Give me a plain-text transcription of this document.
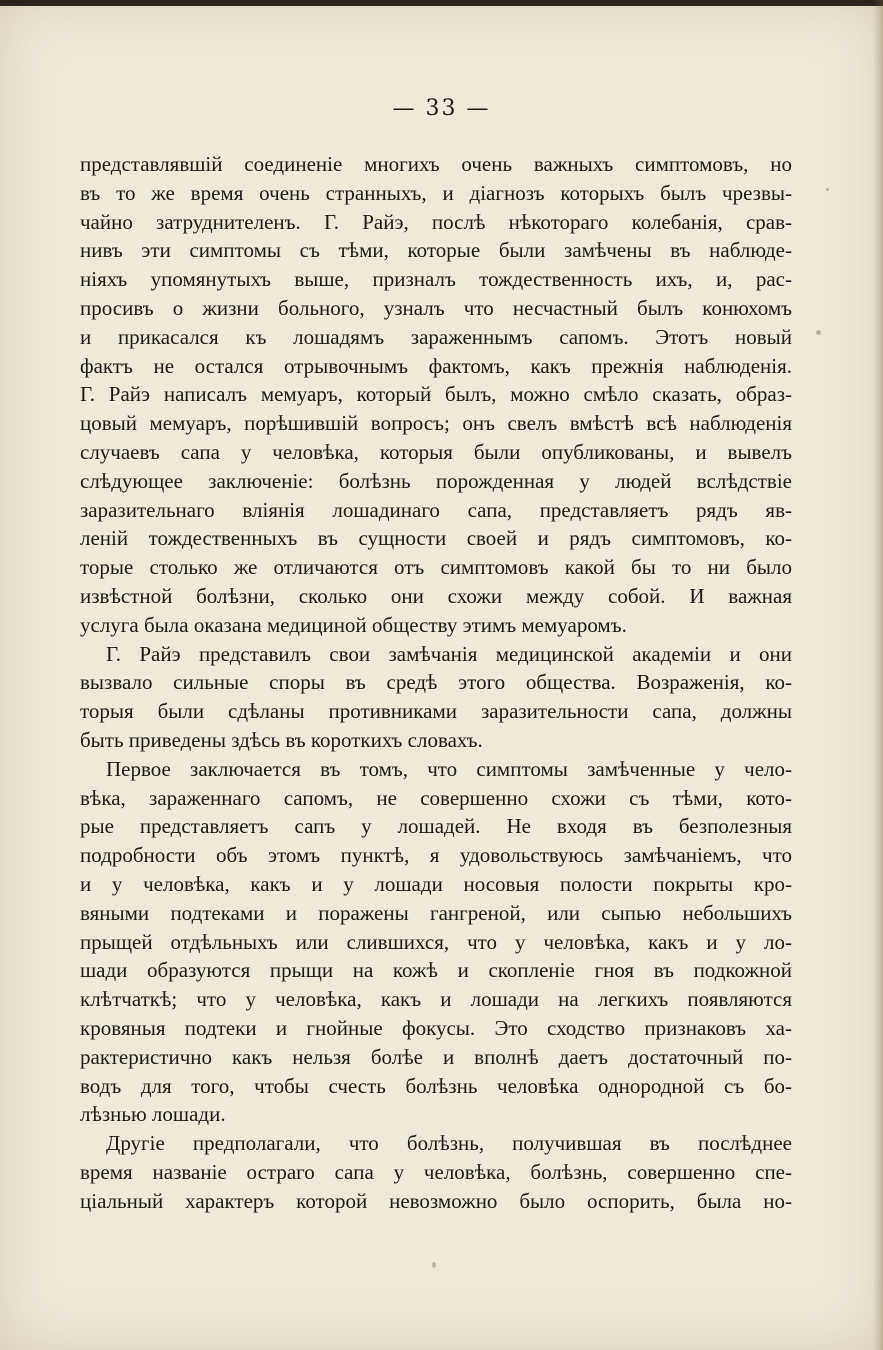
— 33 —
представлявшій соединеніе многихъ очень важныхъ симптомовъ, но
въ то же время очень странныхъ, и діагнозъ которыхъ былъ чрезвы-
чайно затруднителенъ. Г. Райэ, послѣ нѣкотораго колебанія, срав-
нивъ эти симптомы съ тѣми, которые были замѣчены въ наблюде-
ніяхъ упомянутыхъ выше, призналъ тождественность ихъ, и, рас-
просивъ о жизни больного, узналъ что несчастный былъ конюхомъ
и прикасался къ лошадямъ зараженнымъ сапомъ. Этотъ новый
фактъ не остался отрывочнымъ фактомъ, какъ прежнія наблюденія.
Г. Райэ написалъ мемуаръ, который былъ, можно смѣло сказать, образ-
цовый мемуаръ, порѣшившій вопросъ; онъ свелъ вмѣстѣ всѣ наблюденія
случаевъ сапа у человѣка, которыя были опубликованы, и вывелъ
слѣдующее заключеніе: болѣзнь порожденная у людей вслѣдствіе
заразительнаго вліянія лошадинаго сапа, представляетъ рядъ яв-
леній тождественныхъ въ сущности своей и рядъ симптомовъ, ко-
торые столько же отличаются отъ симптомовъ какой бы то ни было
извѣстной болѣзни, сколько они схожи между собой. И важная
услуга была оказана медициной обществу этимъ мемуаромъ.
Г. Райэ представилъ свои замѣчанія медицинской академіи и они
вызвало сильные споры въ средѣ этого общества. Возраженія, ко-
торыя были сдѣланы противниками заразительности сапа, должны
быть приведены здѣсь въ короткихъ словахъ.
Первое заключается въ томъ, что симптомы замѣченные у чело-
вѣка, зараженнаго сапомъ, не совершенно схожи съ тѣми, кото-
рые представляетъ сапъ у лошадей. Не входя въ безполезныя
подробности объ этомъ пунктѣ, я удовольствуюсь замѣчаніемъ, что
и у человѣка, какъ и у лошади носовыя полости покрыты кро-
вяными подтеками и поражены гангреной, или сыпью небольшихъ
прыщей отдѣльныхъ или слившихся, что у человѣка, какъ и у ло-
шади образуются прыщи на кожѣ и скопленіе гноя въ подкожной
клѣтчаткѣ; что у человѣка, какъ и лошади на легкихъ появляются
кровяныя подтеки и гнойные фокусы. Это сходство признаковъ ха-
рактеристично какъ нельзя болѣе и вполнѣ даетъ достаточный по-
водъ для того, чтобы счесть болѣзнь человѣка однородной съ бо-
лѣзнью лошади.
Другіе предполагали, что болѣзнь, получившая въ послѣднее
время названіе остраго сапа у человѣка, болѣзнь, совершенно спе-
ціальный характеръ которой невозможно было оспорить, была но-
